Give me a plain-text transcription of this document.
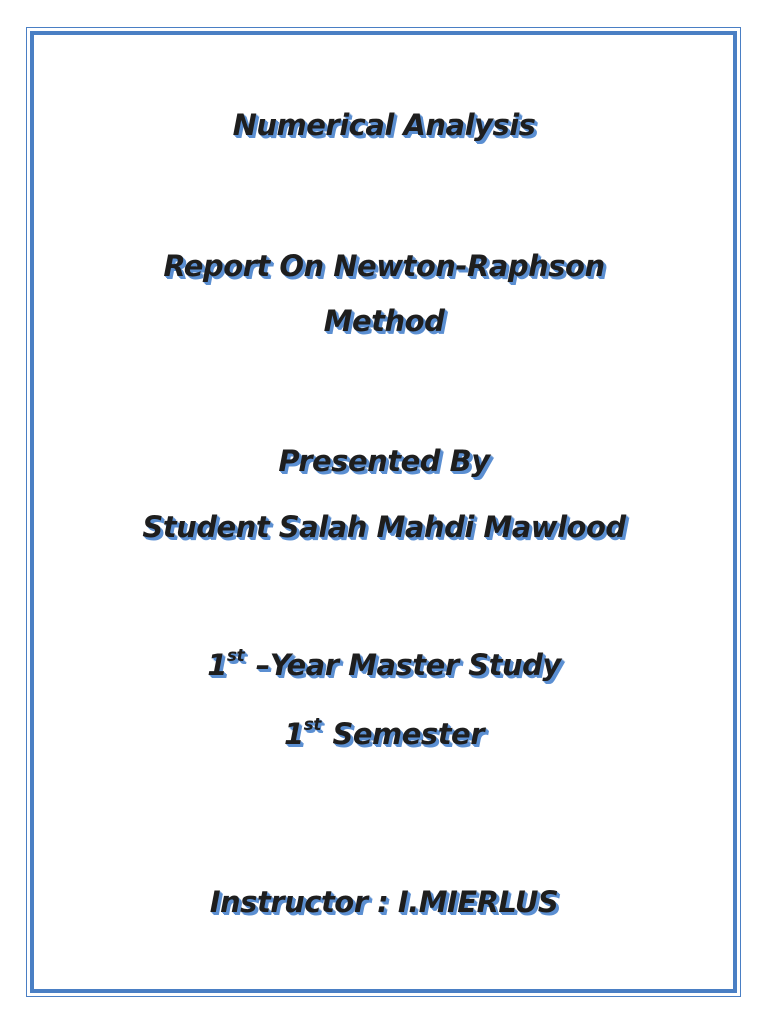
Numerical Analysis
Report On Newton-Raphson
Method
Presented By
Student Salah Mahdi Mawlood
1st –Year Master Study
1st Semester
Instructor : I.MIERLUS
